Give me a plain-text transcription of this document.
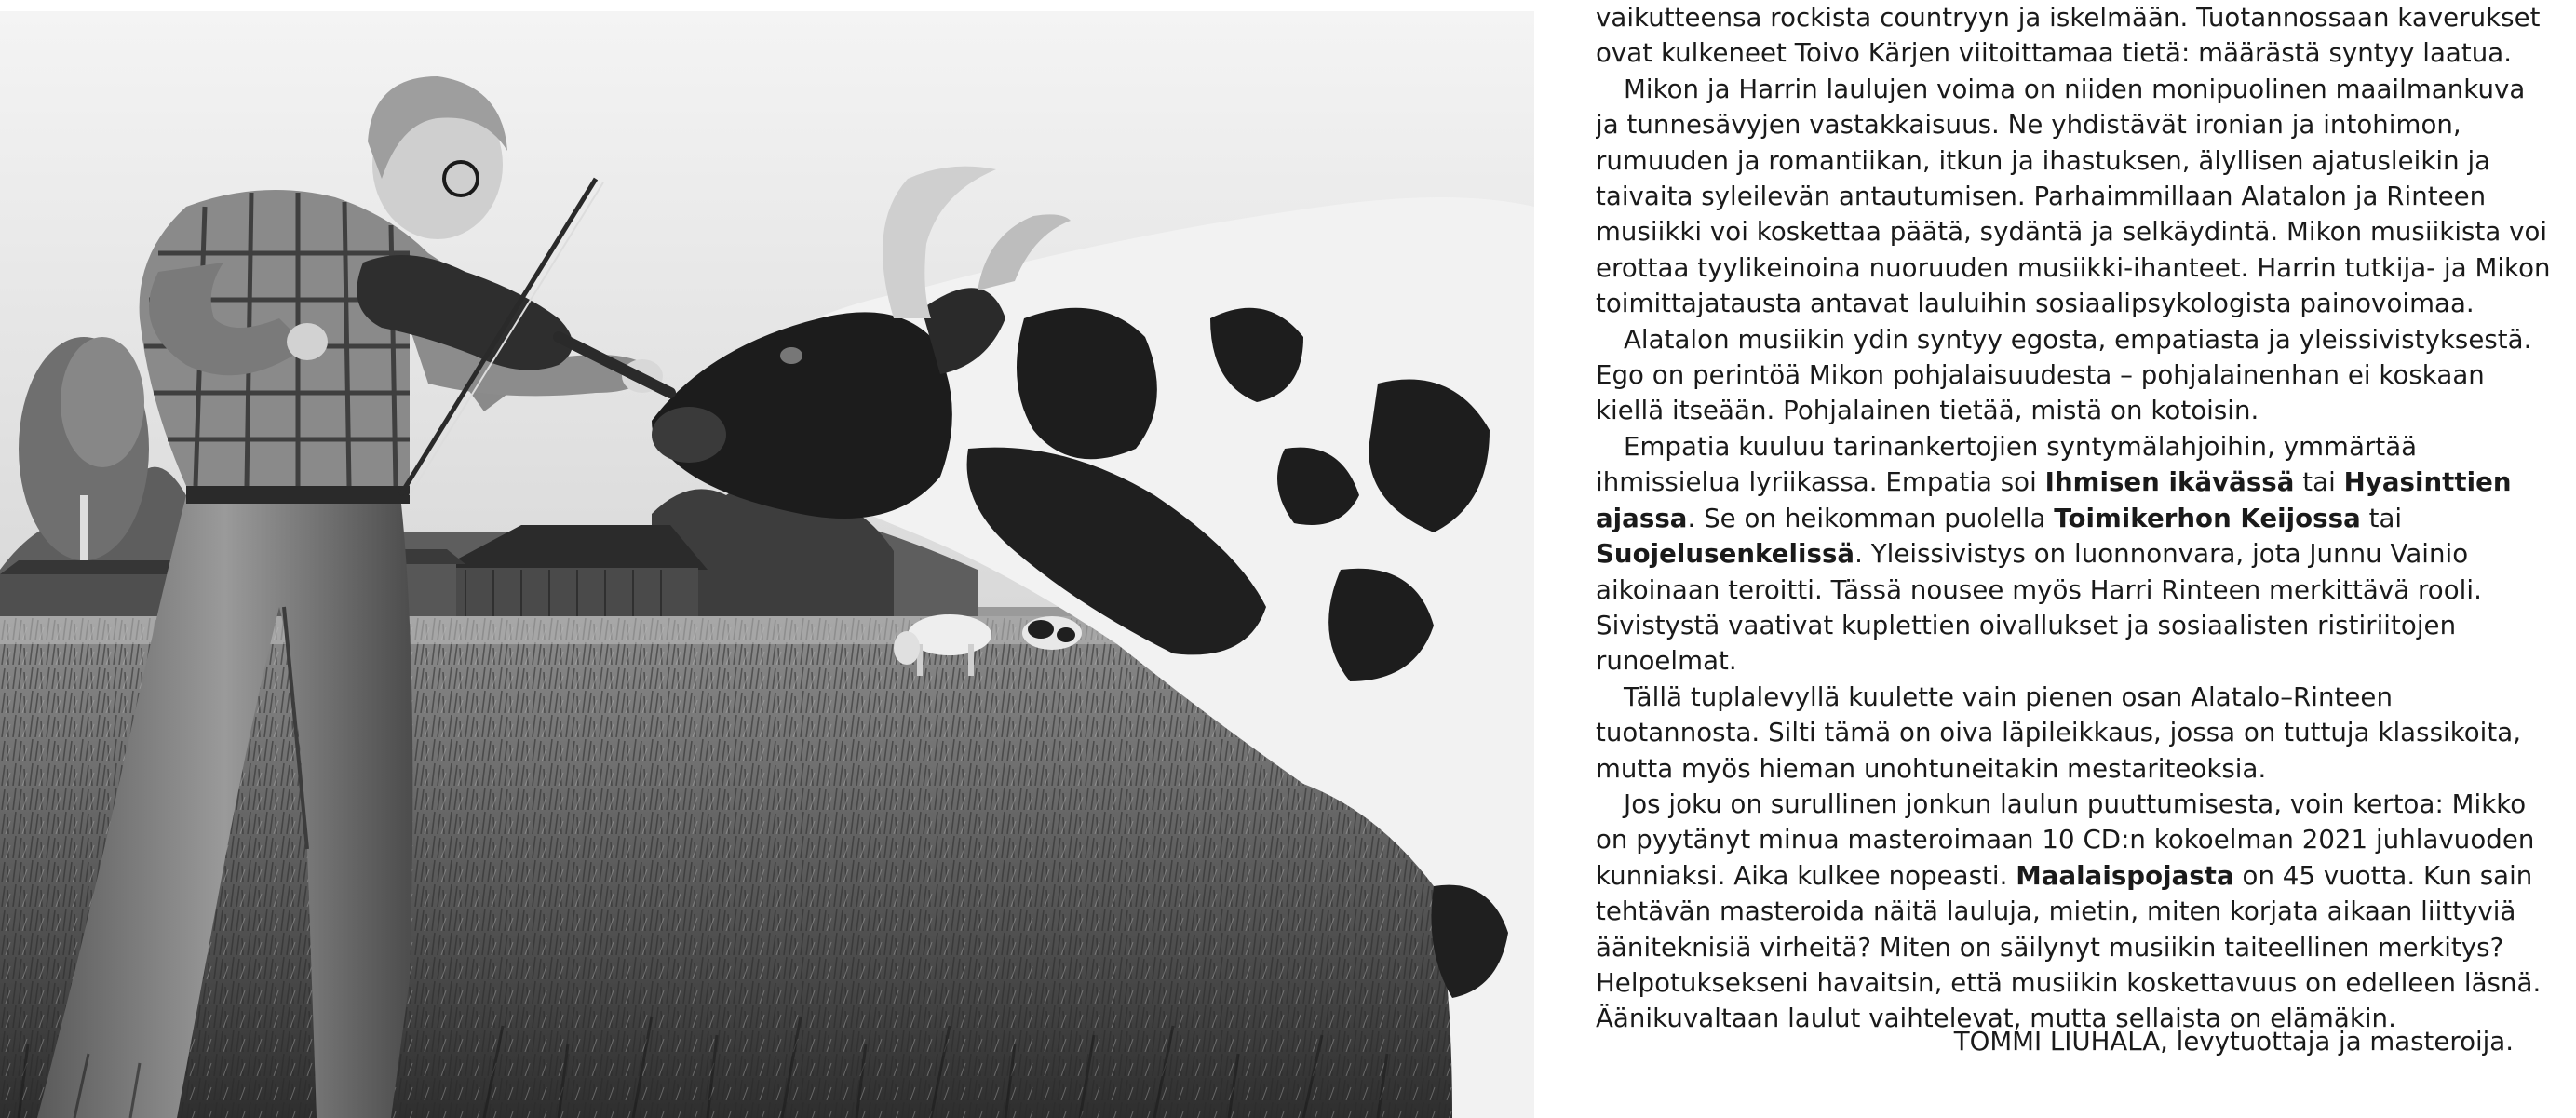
vaikutteensa rockista countryyn ja iskelmään. Tuotannossaan kaverukset ovat kulkeneet Toivo Kärjen viitoittamaa tietä: määrästä syntyy laatua.

Mikon ja Harrin laulujen voima on niiden monipuolinen maailmankuva ja tunnesävyjen vastakkaisuus. Ne yhdistävät ironian ja intohimon, rumuuden ja romantiikan, itkun ja ihastuksen, älyllisen ajatusleikin ja taivaita syleilevän antautumisen. Parhaimmillaan Alatalon ja Rinteen musiikki voi koskettaa päätä, sydäntä ja selkäydintä. Mikon musiikista voi erottaa tyylikeinoina nuoruuden musiikki-ihanteet. Harrin tutkija- ja Mikon toimittajatausta antavat lauluihin sosiaalipsykologista painovoimaa.

Alatalon musiikin ydin syntyy egosta, empatiasta ja yleissivistyksestä. Ego on perintöä Mikon pohjalaisuudesta – pohjalainenhan ei koskaan kiellä itseään. Pohjalainen tietää, mistä on kotoisin.

Empatia kuuluu tarinankertojien syntymälahjoihin, ymmärtää ihmissielua lyriikassa. Empatia soi Ihmisen ikävässä tai Hyasinttien ajassa. Se on heikomman puolella Toimikerhon Keijossa tai Suojelusenkelissä. Yleissivistys on luonnonvara, jota Junnu Vainio aikoinaan teroitti. Tässä nousee myös Harri Rinteen merkittävä rooli. Sivistystä vaativat kuplettien oivallukset ja sosiaalisten ristiriitojen runoelmat.

Tällä tuplalevyllä kuulette vain pienen osan Alatalo–Rinteen tuotannosta. Silti tämä on oiva läpileikkaus, jossa on tuttuja klassikoita, mutta myös hieman unohtuneitakin mestariteoksia.

Jos joku on surullinen jonkun laulun puuttumisesta, voin kertoa: Mikko on pyytänyt minua masteroimaan 10 CD:n kokoelman 2021 juhlavuoden kunniaksi. Aika kulkee nopeasti. Maalaispojasta on 45 vuotta. Kun sain tehtävän masteroida näitä lauluja, mietin, miten korjata aikaan liittyviä ääniteknisiä virheitä? Miten on säilynyt musiikin taiteellinen merkitys? Helpotuksekseni havaitsin, että musiikin koskettavuus on edelleen läsnä. Äänikuvaltaan laulut vaihtelevat, mutta sellaista on elämäkin.

TOMMI LIUHALA, levytuottaja ja masteroija.
